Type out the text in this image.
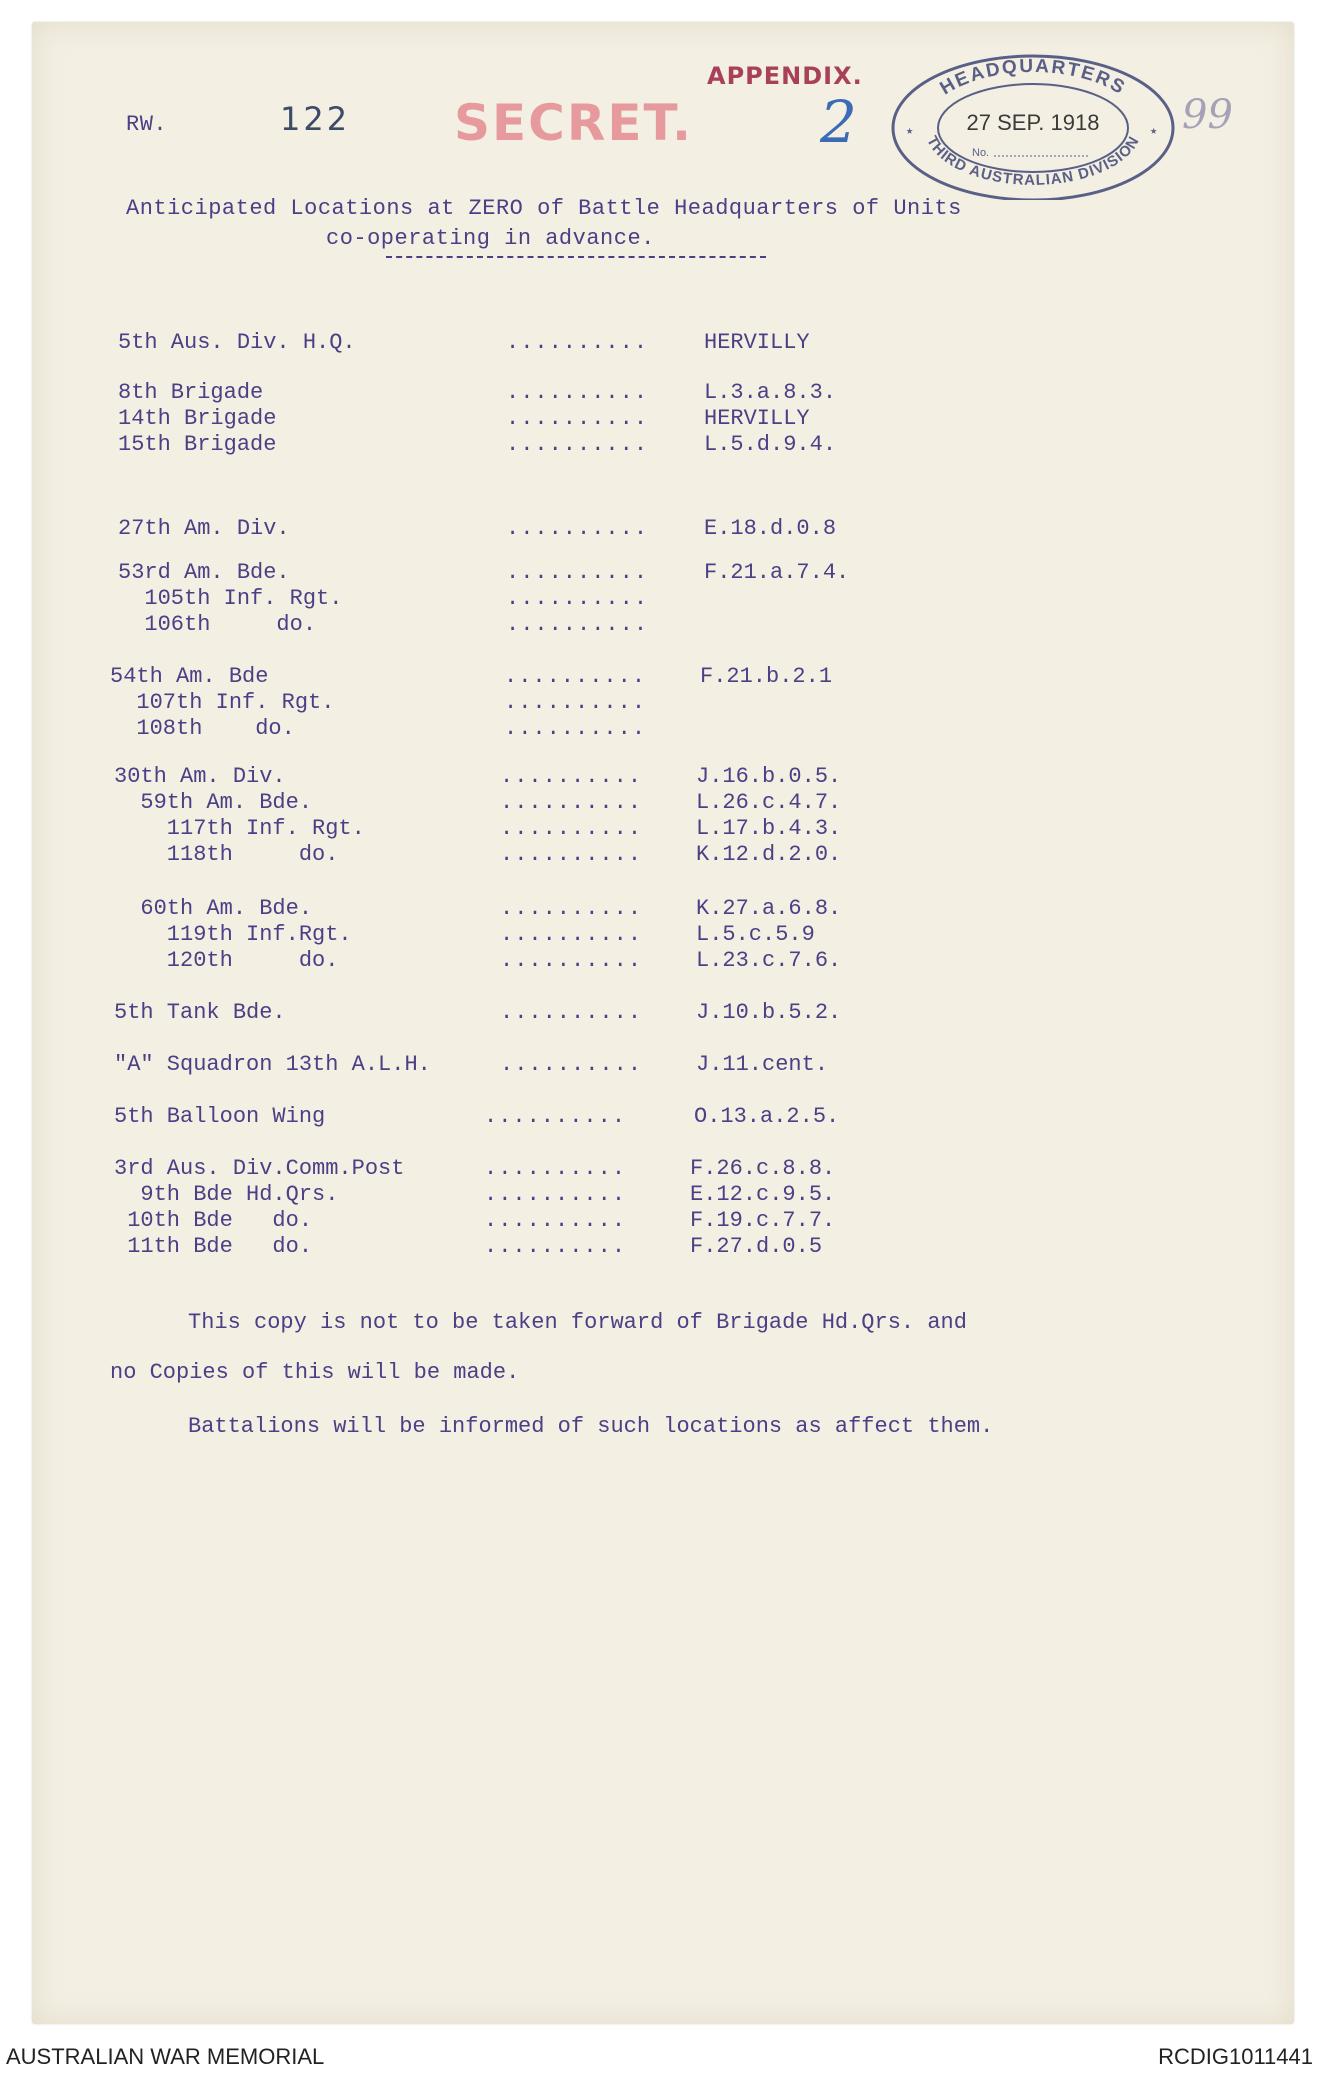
RW.	122 SECRET.
APPENDIX.
2	99
HEADQUARTERS
THIRD AUSTRALIAN DIVISION
27 SEP. 1918
No.
★	★
Anticipated Locations at ZERO of Battle Headquarters of Units
co-operating in advance.
5th Aus. Div. H.Q.	..........	HERVILLY
8th Brigade	..........	L.3.a.8.3.
14th Brigade	..........	HERVILLY
15th Brigade	..........	L.5.d.9.4.
27th Am. Div.	..........	E.18.d.0.8
53rd Am. Bde.	..........	F.21.a.7.4.
105th Inf. Rgt.	..........
106th     do.	..........
54th Am. Bde	.......... F.21.b.2.1
107th Inf. Rgt.	..........
108th    do.	..........
30th Am. Div.	.......... J.16.b.0.5.
59th Am. Bde.	.......... L.26.c.4.7.
117th Inf. Rgt.	.......... L.17.b.4.3.
118th     do.	.......... K.12.d.2.0.
60th Am. Bde.	.......... K.27.a.6.8.
119th Inf.Rgt.	.......... L.5.c.5.9
120th     do.	.......... L.23.c.7.6.
5th Tank Bde.	.......... J.10.b.5.2.
"A" Squadron 13th A.L.H.	.......... J.11.cent.
5th Balloon Wing	..........	O.13.a.2.5.
3rd Aus. Div.Comm.Post	..........	F.26.c.8.8.
9th Bde Hd.Qrs.	..........	E.12.c.9.5.
10th Bde   do.	..........	F.19.c.7.7.
11th Bde   do.	..........	F.27.d.0.5
This copy is not to be taken forward of Brigade Hd.Qrs. and
no Copies of this will be made.
Battalions will be informed of such locations as affect them.
AUSTRALIAN WAR MEMORIAL	RCDIG1011441
